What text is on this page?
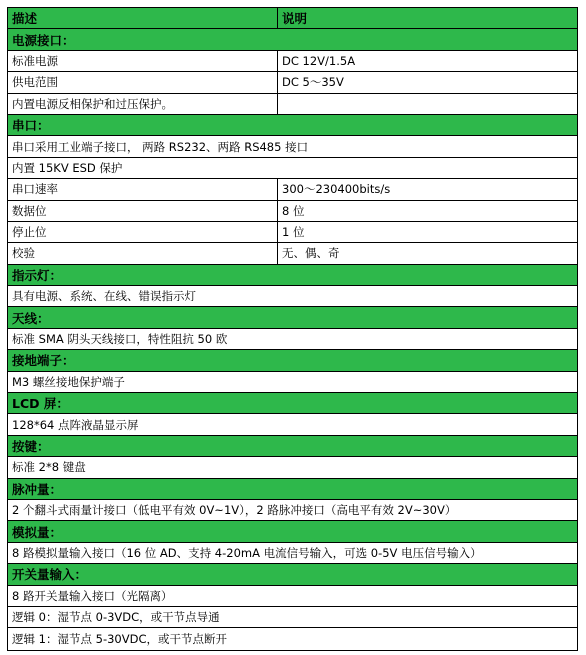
描述	说明
电源接口：
标准电源	DC 12V/1.5A
供电范围	DC 5～35V
内置电源反相保护和过压保护。
串口：
串口采用工业端子接口， 两路 RS232、两路 RS485 接口
内置 15KV ESD 保护
串口速率	300～230400bits/s
数据位	8 位
停止位	1 位
校验	无、偶、奇
指示灯：
具有电源、系统、在线、错误指示灯
天线：
标准 SMA 阴头天线接口，特性阻抗 50 欧
接地端子：
M3 螺丝接地保护端子
LCD 屏：
128*64 点阵液晶显示屏
按键：
标准 2*8 键盘
脉冲量：
2 个翻斗式雨量计接口（低电平有效 0V~1V），2 路脉冲接口（高电平有效 2V~30V）
模拟量：
8 路模拟量输入接口（16 位 AD、支持 4-20mA 电流信号输入，可选 0-5V 电压信号输入）
开关量输入：
8 路开关量输入接口（光隔离）
逻辑 0：湿节点 0-3VDC，或干节点导通
逻辑 1：湿节点 5-30VDC，或干节点断开
